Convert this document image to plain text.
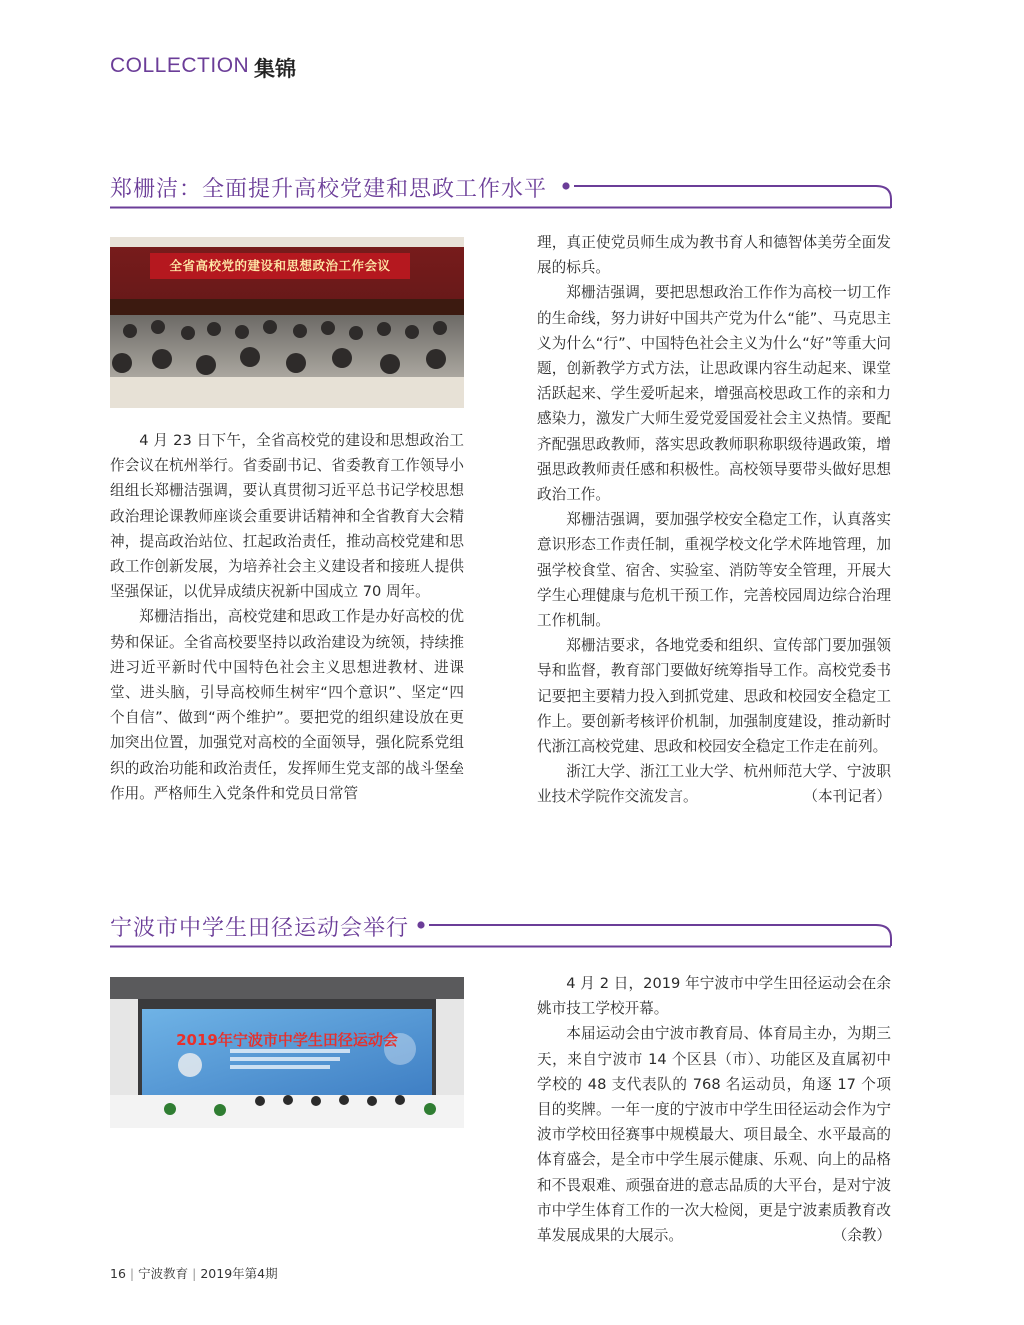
COLLECTION 集锦
郑栅洁：全面提升高校党建和思政工作水平
全省高校党的建设和思想政治工作会议

4 月 23 日下午，全省高校党的建设和思想政治工作会议在杭州举行。省委副书记、省委教育工作领导小组组长郑栅洁强调，要认真贯彻习近平总书记学校思想政治理论课教师座谈会重要讲话精神和全省教育大会精神，提高政治站位、扛起政治责任，推动高校党建和思政工作创新发展，为培养社会主义建设者和接班人提供坚强保证，以优异成绩庆祝新中国成立 70 周年。

郑栅洁指出，高校党建和思政工作是办好高校的优势和保证。全省高校要坚持以政治建设为统领，持续推进习近平新时代中国特色社会主义思想进教材、进课堂、进头脑，引导高校师生树牢“四个意识”、坚定“四个自信”、做到“两个维护”。要把党的组织建设放在更加突出位置，加强党对高校的全面领导，强化院系党组织的政治功能和政治责任，发挥师生党支部的战斗堡垒作用。严格师生入党条件和党员日常管

理，真正使党员师生成为教书育人和德智体美劳全面发展的标兵。

郑栅洁强调，要把思想政治工作作为高校一切工作的生命线，努力讲好中国共产党为什么“能”、马克思主义为什么“行”、中国特色社会主义为什么“好”等重大问题，创新教学方式方法，让思政课内容生动起来、课堂活跃起来、学生爱听起来，增强高校思政工作的亲和力感染力，激发广大师生爱党爱国爱社会主义热情。要配齐配强思政教师，落实思政教师职称职级待遇政策，增强思政教师责任感和积极性。高校领导要带头做好思想政治工作。

郑栅洁强调，要加强学校安全稳定工作，认真落实意识形态工作责任制，重视学校文化学术阵地管理，加强学校食堂、宿舍、实验室、消防等安全管理，开展大学生心理健康与危机干预工作，完善校园周边综合治理工作机制。

郑栅洁要求，各地党委和组织、宣传部门要加强领导和监督，教育部门要做好统筹指导工作。高校党委书记要把主要精力投入到抓党建、思政和校园安全稳定工作上。要创新考核评价机制，加强制度建设，推动新时代浙江高校党建、思政和校园安全稳定工作走在前列。

浙江大学、浙江工业大学、杭州师范大学、宁波职业技术学院作交流发言。	（本刊记者）

宁波市中学生田径运动会举行
2019年宁波市中学生田径运动会

4 月 2 日，2019 年宁波市中学生田径运动会在余姚市技工学校开幕。

本届运动会由宁波市教育局、体育局主办，为期三天，来自宁波市 14 个区县（市）、功能区及直属初中学校的 48 支代表队的 768 名运动员，角逐 17 个项目的奖牌。一年一度的宁波市中学生田径运动会作为宁波市学校田径赛事中规模最大、项目最全、水平最高的体育盛会，是全市中学生展示健康、乐观、向上的品格和不畏艰难、顽强奋进的意志品质的大平台，是对宁波市中学生体育工作的一次大检阅，更是宁波素质教育改革发展成果的大展示。	（余教）

16 | 宁波教育 | 2019年第4期
